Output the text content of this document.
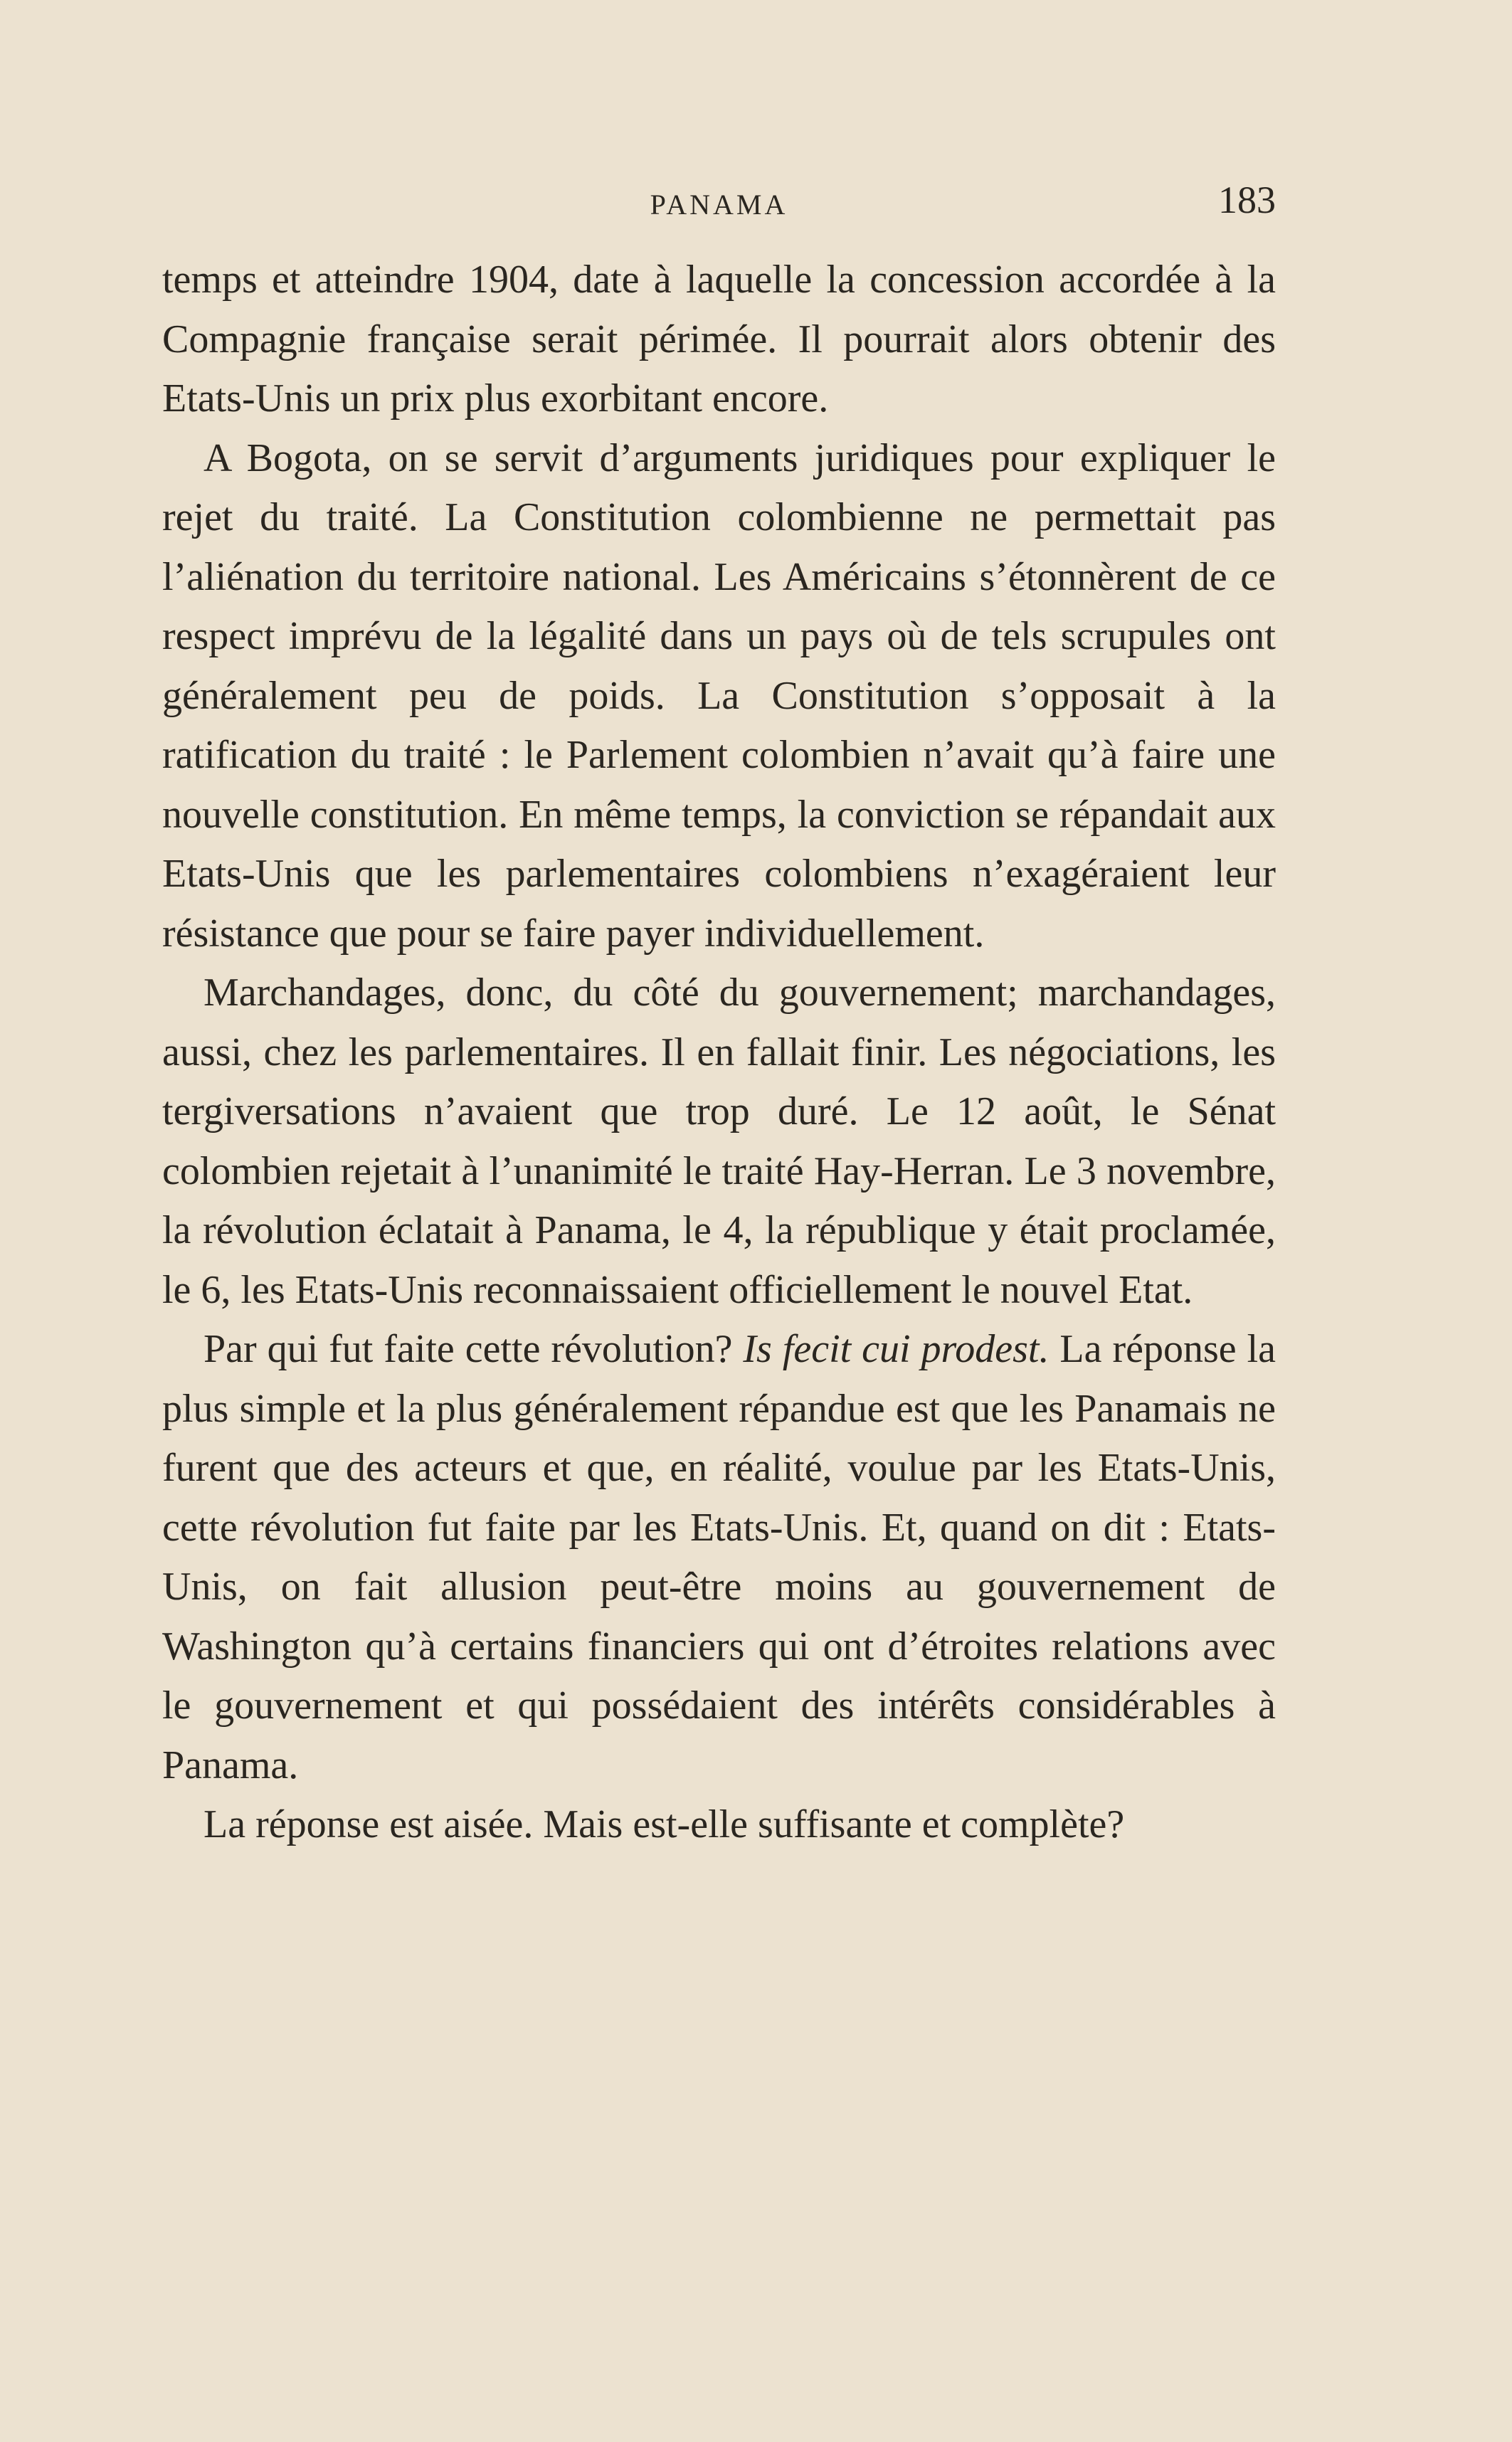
PANAMA	183

temps et atteindre 1904, date à laquelle la concession accordée à la Compagnie française serait périmée. Il pourrait alors obtenir des Etats-Unis un prix plus exorbitant encore.

A Bogota, on se servit d’arguments juridiques pour expliquer le rejet du traité. La Constitution colombienne ne permettait pas l’aliénation du territoire national. Les Américains s’étonnèrent de ce respect imprévu de la légalité dans un pays où de tels scrupules ont généralement peu de poids. La Constitution s’opposait à la ratification du traité : le Parlement colombien n’avait qu’à faire une nouvelle constitution. En même temps, la conviction se répandait aux Etats-Unis que les parlementaires colombiens n’exagéraient leur résistance que pour se faire payer individuellement.

Marchandages, donc, du côté du gouvernement; marchandages, aussi, chez les parlementaires. Il en fallait finir. Les négociations, les tergiversations n’avaient que trop duré. Le 12 août, le Sénat colombien rejetait à l’unanimité le traité Hay-Herran. Le 3 novembre, la révolution éclatait à Panama, le 4, la république y était proclamée, le 6, les Etats-Unis reconnaissaient officiellement le nouvel Etat.

Par qui fut faite cette révolution? Is fecit cui prodest. La réponse la plus simple et la plus généralement répandue est que les Panamais ne furent que des acteurs et que, en réalité, voulue par les Etats-Unis, cette révolution fut faite par les Etats-Unis. Et, quand on dit : Etats-Unis, on fait allusion peut-être moins au gouvernement de Washington qu’à certains financiers qui ont d’étroites relations avec le gouvernement et qui possédaient des intérêts considérables à Panama.

La réponse est aisée. Mais est-elle suffisante et complète?
